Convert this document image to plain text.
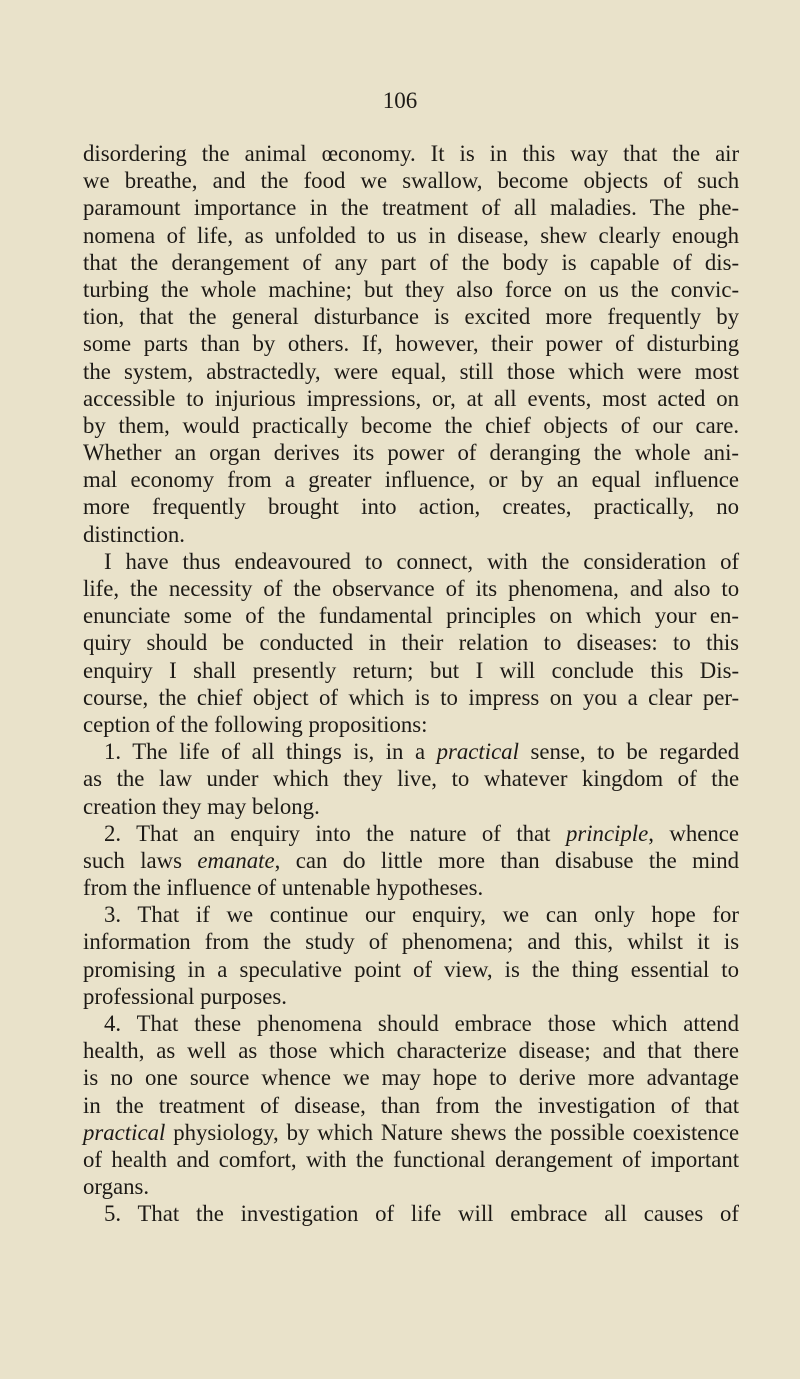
106
disordering the animal œconomy. It is in this way that the air
we breathe, and the food we swallow, become objects of such
paramount importance in the treatment of all maladies. The phe-
nomena of life, as unfolded to us in disease, shew clearly enough
that the derangement of any part of the body is capable of dis-
turbing the whole machine; but they also force on us the convic-
tion, that the general disturbance is excited more frequently by
some parts than by others. If, however, their power of disturbing
the system, abstractedly, were equal, still those which were most
accessible to injurious impressions, or, at all events, most acted on
by them, would practically become the chief objects of our care.
Whether an organ derives its power of deranging the whole ani-
mal economy from a greater influence, or by an equal influence
more frequently brought into action, creates, practically, no
distinction.
I have thus endeavoured to connect, with the consideration of
life, the necessity of the observance of its phenomena, and also to
enunciate some of the fundamental principles on which your en-
quiry should be conducted in their relation to diseases: to this
enquiry I shall presently return; but I will conclude this Dis-
course, the chief object of which is to impress on you a clear per-
ception of the following propositions:
1. The life of all things is, in a practical sense, to be regarded
as the law under which they live, to whatever kingdom of the
creation they may belong.
2. That an enquiry into the nature of that principle, whence
such laws emanate, can do little more than disabuse the mind
from the influence of untenable hypotheses.
3. That if we continue our enquiry, we can only hope for
information from the study of phenomena; and this, whilst it is
promising in a speculative point of view, is the thing essential to
professional purposes.
4. That these phenomena should embrace those which attend
health, as well as those which characterize disease; and that there
is no one source whence we may hope to derive more advantage
in the treatment of disease, than from the investigation of that
practical physiology, by which Nature shews the possible coexistence
of health and comfort, with the functional derangement of important
organs.
5. That the investigation of life will embrace all causes of
